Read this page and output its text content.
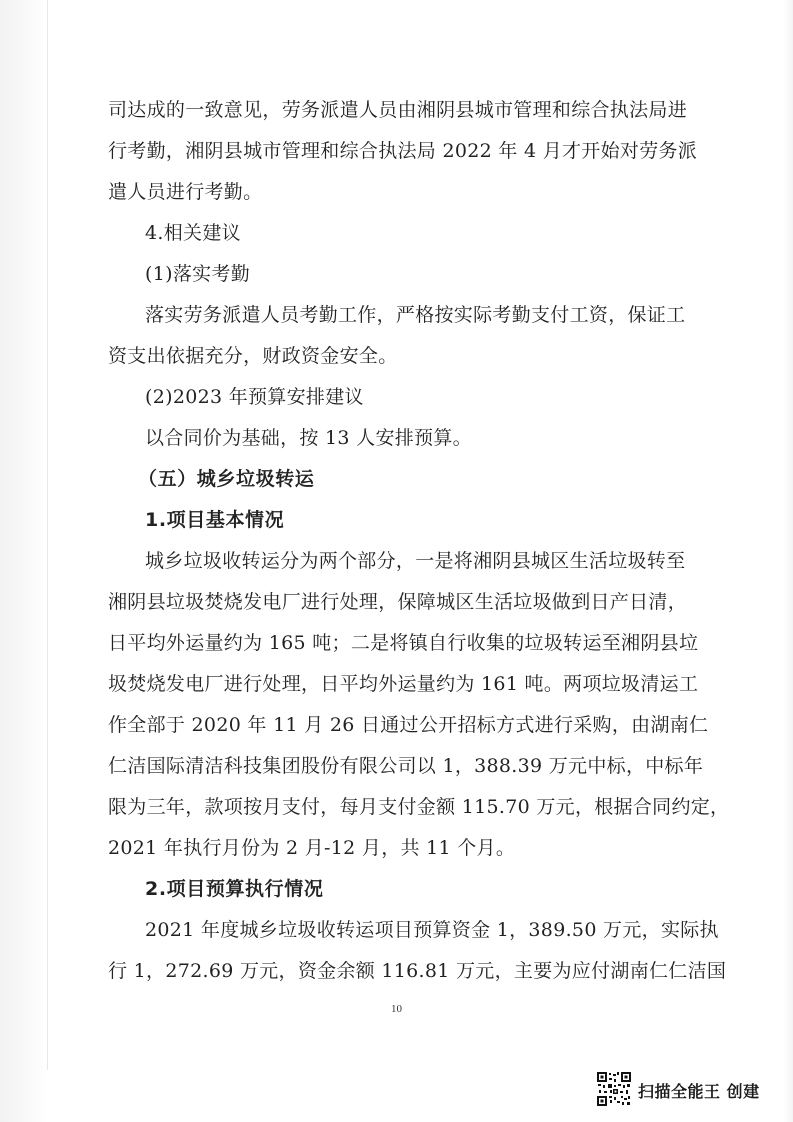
司达成的一致意见，劳务派遣人员由湘阴县城市管理和综合执法局进
行考勤，湘阴县城市管理和综合执法局 2022 年 4 月才开始对劳务派
遣人员进行考勤。
4.相关建议
(1)落实考勤
落实劳务派遣人员考勤工作，严格按实际考勤支付工资，保证工
资支出依据充分，财政资金安全。
(2)2023 年预算安排建议
以合同价为基础，按 13 人安排预算。
（五）城乡垃圾转运
1.项目基本情况
城乡垃圾收转运分为两个部分，一是将湘阴县城区生活垃圾转至
湘阴县垃圾焚烧发电厂进行处理，保障城区生活垃圾做到日产日清，
日平均外运量约为 165 吨；二是将镇自行收集的垃圾转运至湘阴县垃
圾焚烧发电厂进行处理，日平均外运量约为 161 吨。两项垃圾清运工
作全部于 2020 年 11 月 26 日通过公开招标方式进行采购，由湖南仁
仁洁国际清洁科技集团股份有限公司以 1，388.39 万元中标，中标年
限为三年，款项按月支付，每月支付金额 115.70 万元，根据合同约定，
2021 年执行月份为 2 月-12 月，共 11 个月。
2.项目预算执行情况
2021 年度城乡垃圾收转运项目预算资金 1，389.50 万元，实际执
行 1，272.69 万元，资金余额 116.81 万元，主要为应付湖南仁仁洁国
10
扫描全能王 创建
